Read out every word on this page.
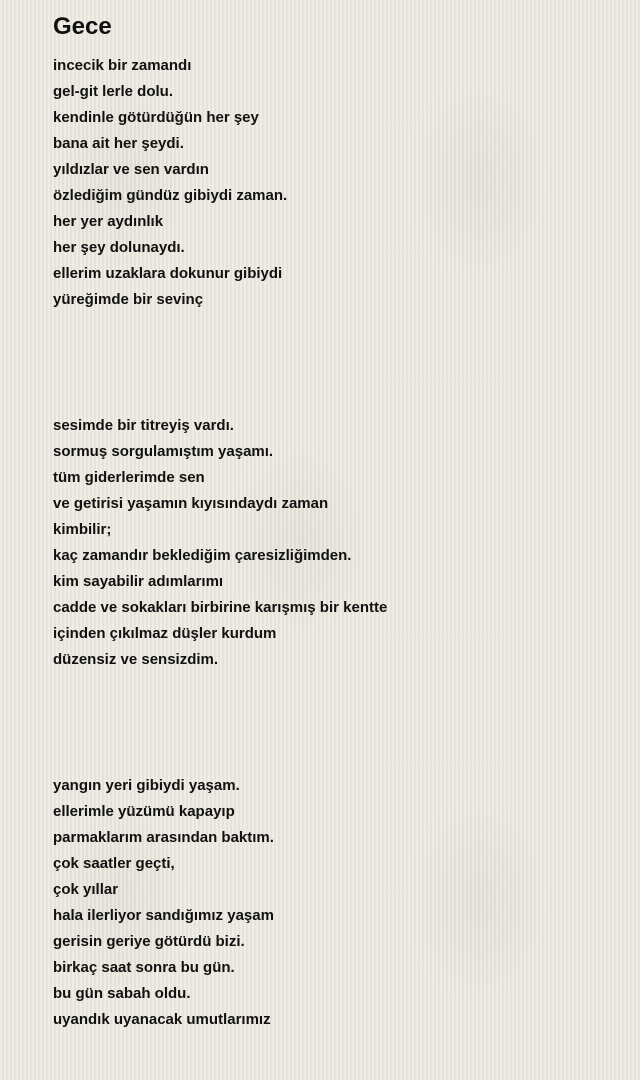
Gece
incecik bir zamandı
gel-git lerle dolu.
kendinle götürdüğün her şey
bana ait her şeydi.
yıldızlar ve sen vardın
özlediğim gündüz gibiydi zaman.
her yer aydınlık
her şey dolunaydı.
ellerim uzaklara dokunur gibiydi
yüreğimde bir sevinç
sesimde bir titreyiş vardı.
sormuş sorgulamıştım yaşamı.
tüm giderlerimde sen
ve getirisi yaşamın kıyısındaydı zaman
kimbilir;
kaç zamandır beklediğim çaresizliğimden.
kim sayabilir adımlarımı
cadde ve sokakları birbirine karışmış bir kentte
içinden çıkılmaz düşler kurdum
düzensiz ve sensizdim.
yangın yeri gibiydi yaşam.
ellerimle yüzümü kapayıp
parmaklarım arasından baktım.
çok saatler geçti,
çok yıllar
hala ilerliyor sandığımız yaşam
gerisin geriye götürdü bizi.
birkaç saat sonra bu gün.
bu gün sabah oldu.
uyandık uyanacak umutlarımız
